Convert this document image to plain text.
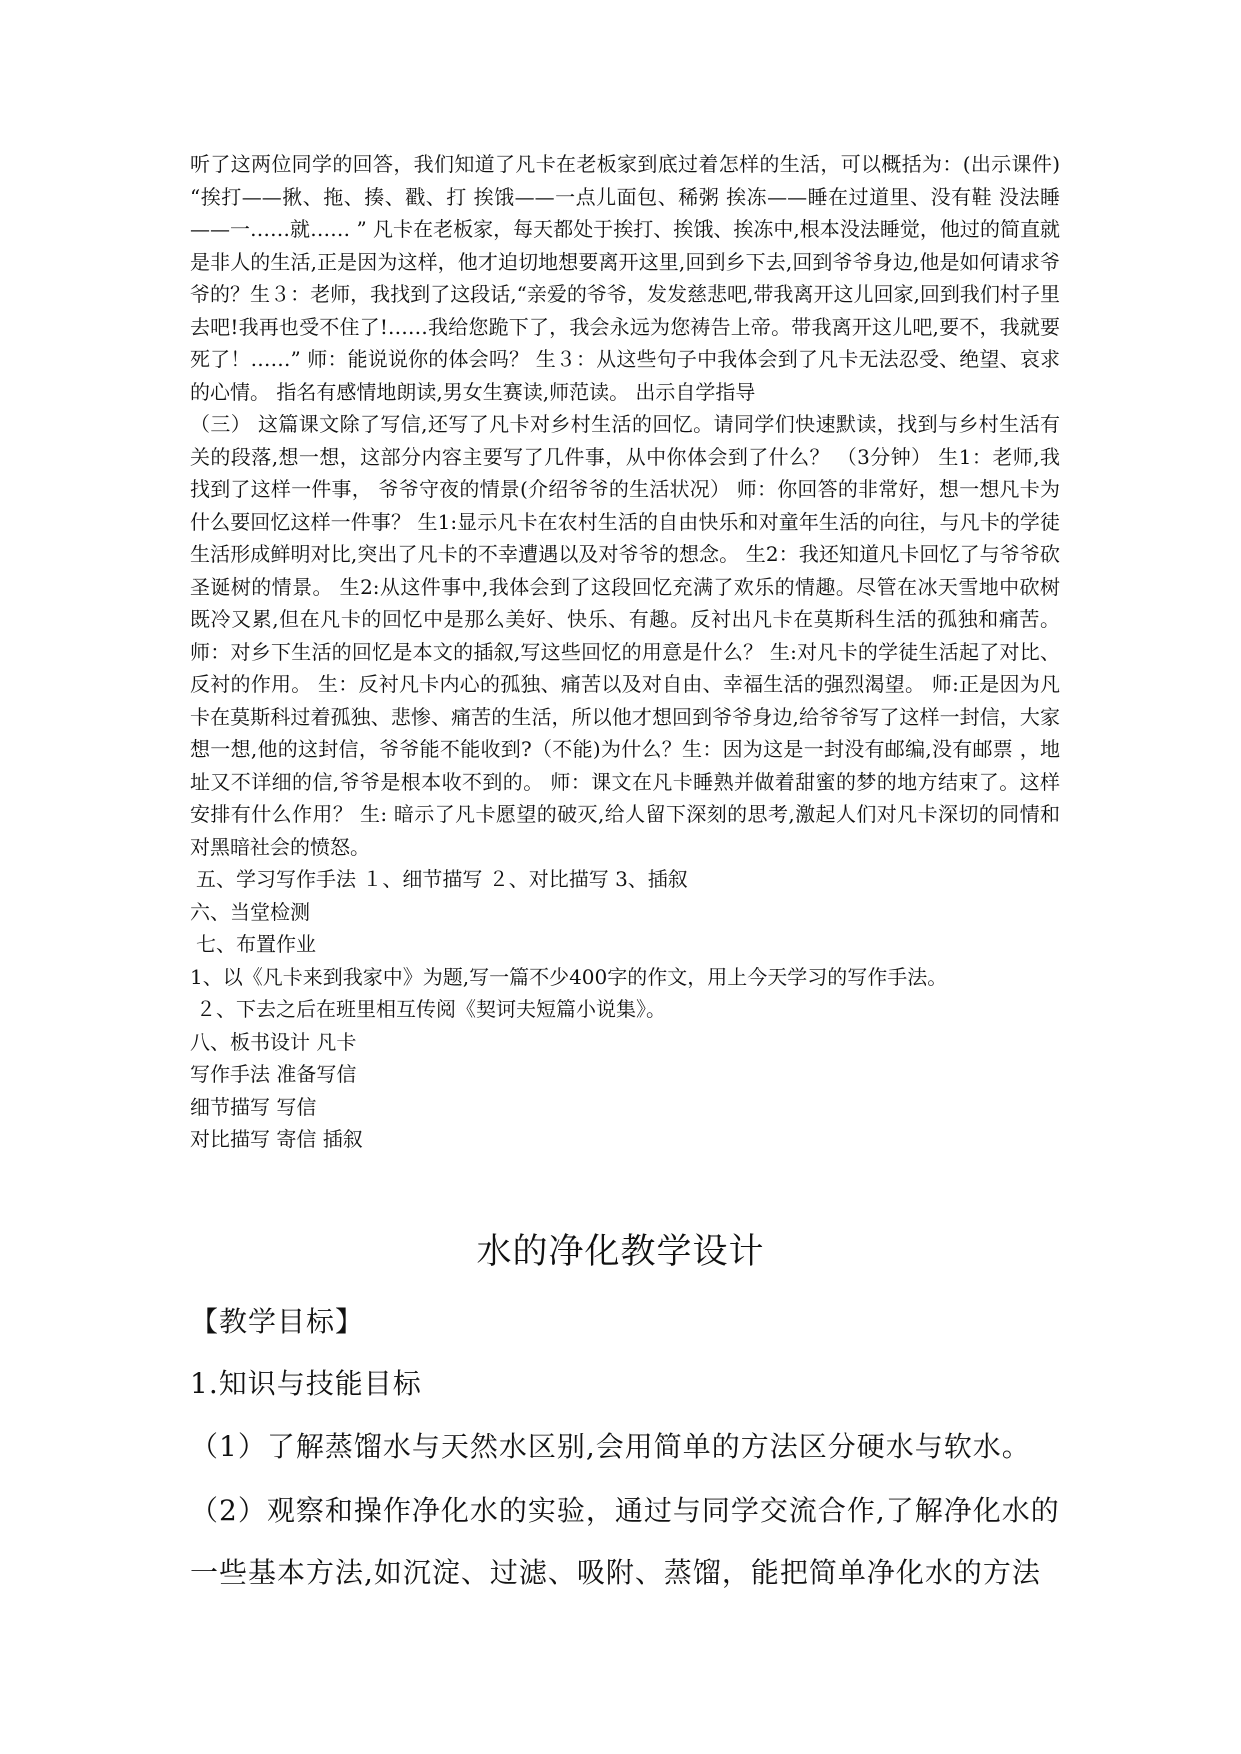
听了这两位同学的回答，我们知道了凡卡在老板家到底过着怎样的生活，可以概括为：(出示课件) “挨打——揪、拖、揍、戳、打 挨饿——一点儿面包、稀粥 挨冻——睡在过道里、没有鞋 没法睡——一……就…… ” 凡卡在老板家，每天都处于挨打、挨饿、挨冻中,根本没法睡觉，他过的简直就是非人的生活,正是因为这样，他才迫切地想要离开这里,回到乡下去,回到爷爷身边,他是如何请求爷爷的？生３：老师，我找到了这段话,“亲爱的爷爷，发发慈悲吧,带我离开这儿回家,回到我们村子里去吧!我再也受不住了!……我给您跪下了，我会永远为您祷告上帝。带我离开这儿吧,要不，我就要死了！……” 师：能说说你的体会吗？ 生３：从这些句子中我体会到了凡卡无法忍受、绝望、哀求的心情。 指名有感情地朗读,男女生赛读,师范读。 出示自学指导

（三） 这篇课文除了写信,还写了凡卡对乡村生活的回忆。请同学们快速默读，找到与乡村生活有关的段落,想一想，这部分内容主要写了几件事，从中你体会到了什么？ （3分钟） 生1：老师,我找到了这样一件事， 爷爷守夜的情景(介绍爷爷的生活状况） 师：你回答的非常好，想一想凡卡为什么要回忆这样一件事？ 生1:显示凡卡在农村生活的自由快乐和对童年生活的向往，与凡卡的学徒生活形成鲜明对比,突出了凡卡的不幸遭遇以及对爷爷的想念。 生2：我还知道凡卡回忆了与爷爷砍圣诞树的情景。 生2:从这件事中,我体会到了这段回忆充满了欢乐的情趣。尽管在冰天雪地中砍树既冷又累,但在凡卡的回忆中是那么美好、快乐、有趣。反衬出凡卡在莫斯科生活的孤独和痛苦。 师：对乡下生活的回忆是本文的插叙,写这些回忆的用意是什么？ 生:对凡卡的学徒生活起了对比、反衬的作用。 生：反衬凡卡内心的孤独、痛苦以及对自由、幸福生活的强烈渴望。 师:正是因为凡卡在莫斯科过着孤独、悲惨、痛苦的生活，所以他才想回到爷爷身边,给爷爷写了这样一封信，大家想一想,他的这封信，爷爷能不能收到?（不能)为什么？生：因为这是一封没有邮编,没有邮票 ，地址又不详细的信,爷爷是根本收不到的。 师：课文在凡卡睡熟并做着甜蜜的梦的地方结束了。这样安排有什么作用？ 生: 暗示了凡卡愿望的破灭,给人留下深刻的思考,激起人们对凡卡深切的同情和对黑暗社会的愤怒。

五、学习写作手法 １、细节描写 ２、对比描写 3、插叙

六、当堂检测

七、布置作业

1、以《凡卡来到我家中》为题,写一篇不少400字的作文，用上今天学习的写作手法。

２、下去之后在班里相互传阅《契诃夫短篇小说集》。

八、板书设计 凡卡

写作手法 准备写信

细节描写 写信

对比描写 寄信 插叙

水的净化教学设计
【教学目标】
1.知识与技能目标
（1）了解蒸馏水与天然水区别,会用简单的方法区分硬水与软水。
（2）观察和操作净化水的实验，通过与同学交流合作,了解净化水的
一些基本方法,如沉淀、过滤、吸附、蒸馏，能把简单净化水的方法
